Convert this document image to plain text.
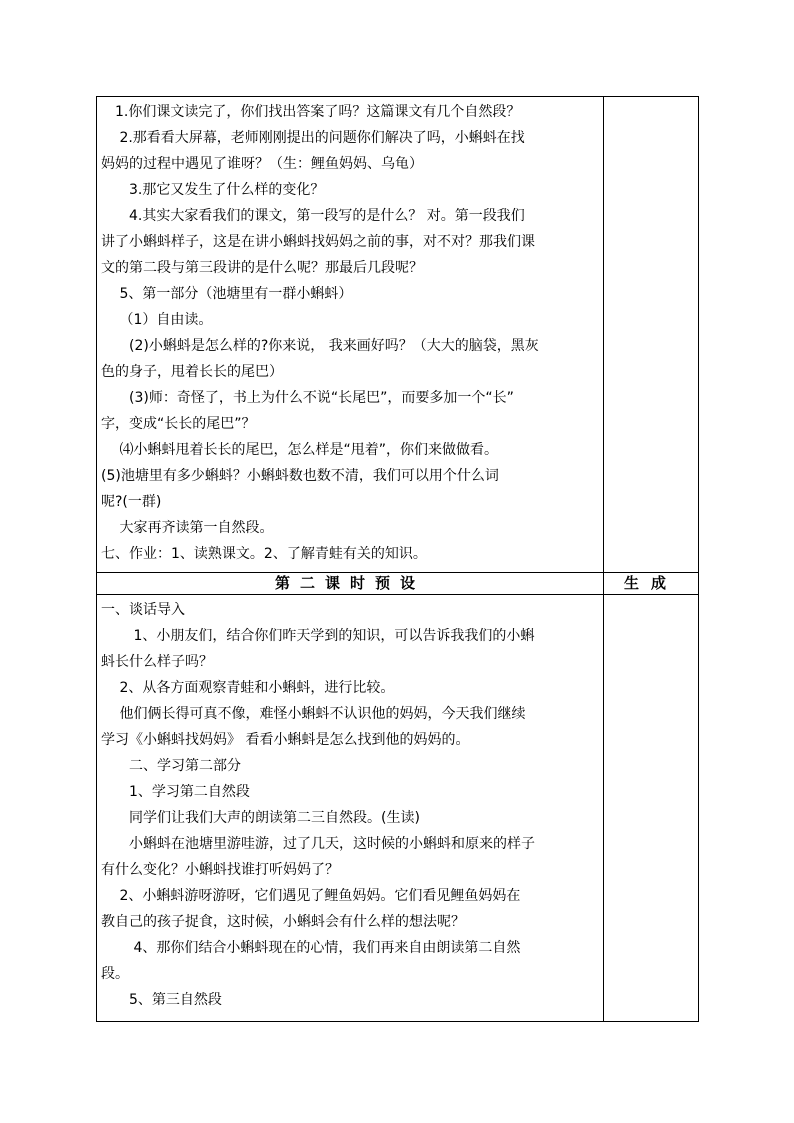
　1.你们课文读完了，你们找出答案了吗？这篇课文有几个自然段？

　 2.那看看大屏幕，老师刚刚提出的问题你们解决了吗，小蝌蚪在找

妈妈的过程中遇见了谁呀？（生：鲤鱼妈妈、乌龟）

　　3.那它又发生了什么样的变化？

　　4.其实大家看我们的课文，第一段写的是什么？ 对。第一段我们

讲了小蝌蚪样子，这是在讲小蝌蚪找妈妈之前的事，对不对？那我们课

文的第二段与第三段讲的是什么呢？那最后几段呢？

　 5、第一部分（池塘里有一群小蝌蚪）

　 （1）自由读。

　　(2)小蝌蚪是怎么样的?你来说， 我来画好吗？（大大的脑袋，黑灰

色的身子，甩着长长的尾巴）

　　(3)师：奇怪了，书上为什么不说“长尾巴”，而要多加一个“长”

字，变成“长长的尾巴”？

　 ⑷小蝌蚪甩着长长的尾巴，怎么样是“甩着”，你们来做做看。

(5)池塘里有多少蝌蚪？小蝌蚪数也数不清，我们可以用个什么词

呢?(一群)

　 大家再齐读第一自然段。

七、作业：1、读熟课文。2、了解青蛙有关的知识。

第二课时预设	生成

一、谈话导入

　　 1、小朋友们，结合你们昨天学到的知识，可以告诉我我们的小蝌

蚪长什么样子吗？

　 2、从各方面观察青蛙和小蝌蚪，进行比较。

　 他们俩长得可真不像，难怪小蝌蚪不认识他的妈妈，今天我们继续

学习《小蝌蚪找妈妈》 看看小蝌蚪是怎么找到他的妈妈的。

　　二、学习第二部分

　　1、学习第二自然段

　　同学们让我们大声的朗读第二三自然段。(生读)

　　小蝌蚪在池塘里游哇游，过了几天，这时候的小蝌蚪和原来的样子

有什么变化？小蝌蚪找谁打听妈妈了？

　 2、小蝌蚪游呀游呀，它们遇见了鲤鱼妈妈。它们看见鲤鱼妈妈在

教自己的孩子捉食，这时候，小蝌蚪会有什么样的想法呢？

　　 4、那你们结合小蝌蚪现在的心情，我们再来自由朗读第二自然

段。

　　5、第三自然段
